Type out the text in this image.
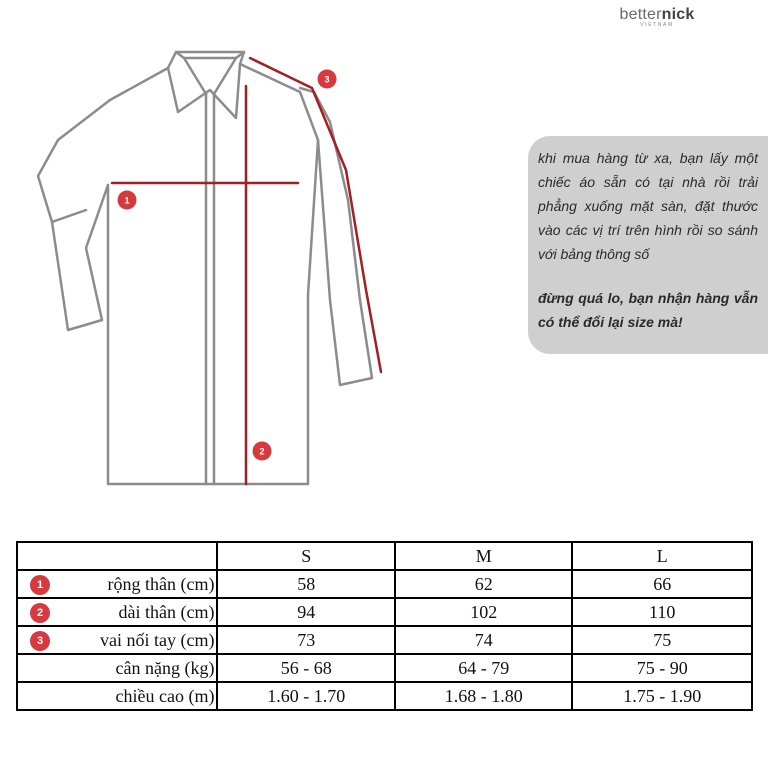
betternick
VIETNAM
1
2
3

khi mua hàng từ xa, bạn lấy một chiếc áo sẵn có tại nhà rồi trải phẳng xuống mặt sàn, đặt thước vào các vị trí trên hình rồi so sánh với bảng thông số

đừng quá lo, bạn nhận hàng vẫn có thể đổi lại size mà!

	S	M	L

1 rộng thân (cm)	58	62	66

2 dài thân (cm)	94	102	110

3 vai nối tay (cm)	73	74	75
cân nặng (kg)	56 - 68	64 - 79	75 - 90
chiều cao (m)	1.60 - 1.70	1.68 - 1.80	1.75 - 1.90
